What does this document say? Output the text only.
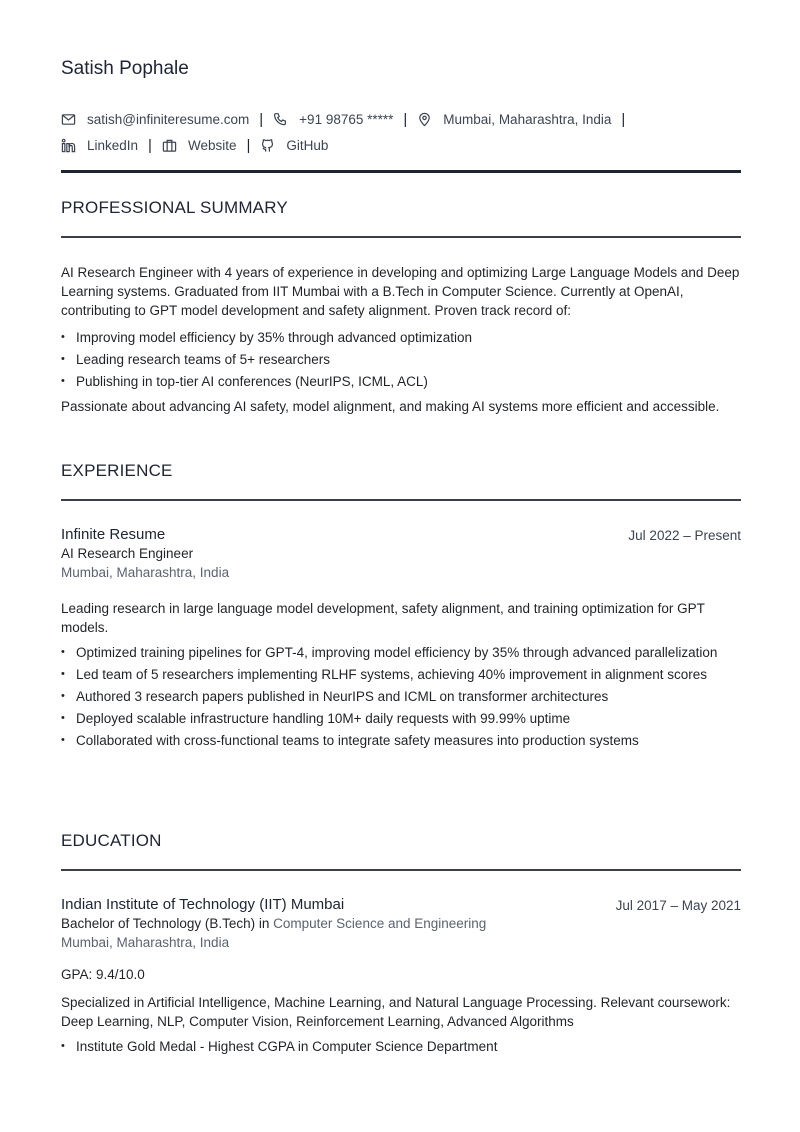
Satish Pophale
satish@infiniteresume.com |	+91 98765 ***** |	Mumbai, Maharashtra, India |
LinkedIn |	Website |	GitHub
PROFESSIONAL SUMMARY

AI Research Engineer with 4 years of experience in developing and optimizing Large Language Models and Deep Learning systems. Graduated from IIT Mumbai with a B.Tech in Computer Science. Currently at OpenAI, contributing to GPT model development and safety alignment. Proven track record of:

• Improving model efficiency by 35% through advanced optimization
• Leading research teams of 5+ researchers
• Publishing in top-tier AI conferences (NeurIPS, ICML, ACL)

Passionate about advancing AI safety, model alignment, and making AI systems more efficient and accessible.

EXPERIENCE
Infinite Resume	Jul 2022 – Present
AI Research Engineer
Mumbai, Maharashtra, India

Leading research in large language model development, safety alignment, and training optimization for GPT models.

• Optimized training pipelines for GPT-4, improving model efficiency by 35% through advanced parallelization
• Led team of 5 researchers implementing RLHF systems, achieving 40% improvement in alignment scores
• Authored 3 research papers published in NeurIPS and ICML on transformer architectures
• Deployed scalable infrastructure handling 10M+ daily requests with 99.99% uptime
• Collaborated with cross-functional teams to integrate safety measures into production systems
EDUCATION
Indian Institute of Technology (IIT) Mumbai	Jul 2017 – May 2021
Bachelor of Technology (B.Tech) in Computer Science and Engineering
Mumbai, Maharashtra, India

GPA: 9.4/10.0

Specialized in Artificial Intelligence, Machine Learning, and Natural Language Processing. Relevant coursework: Deep Learning, NLP, Computer Vision, Reinforcement Learning, Advanced Algorithms

• Institute Gold Medal - Highest CGPA in Computer Science Department
